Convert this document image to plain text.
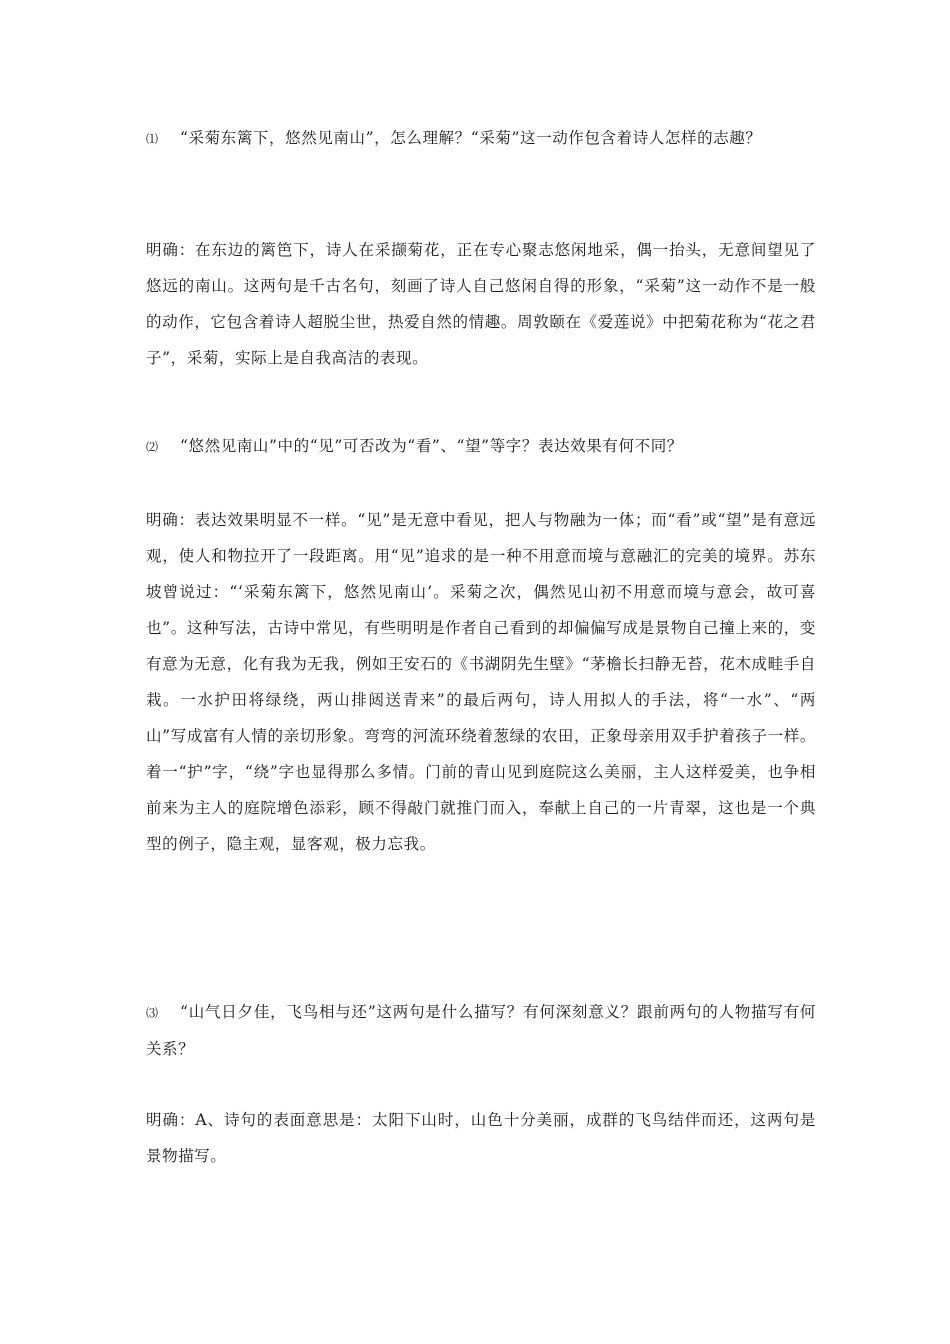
⑴ “采菊东篱下，悠然见南山”，怎么理解？“采菊”这一动作包含着诗人怎样的志趣？

明确：在东边的篱笆下，诗人在采撷菊花，正在专心聚志悠闲地采，偶一抬头，无意间望见了悠远的南山。这两句是千古名句，刻画了诗人自己悠闲自得的形象，“采菊”这一动作不是一般的动作，它包含着诗人超脱尘世，热爱自然的情趣。周敦颐在《爱莲说》中把菊花称为“花之君子”，采菊，实际上是自我高洁的表现。

⑵ “悠然见南山”中的“见”可否改为“看”、“望”等字？表达效果有何不同？

明确：表达效果明显不一样。“见”是无意中看见，把人与物融为一体；而“看”或“望”是有意远观，使人和物拉开了一段距离。用“见”追求的是一种不用意而境与意融汇的完美的境界。苏东坡曾说过：“‘采菊东篱下，悠然见南山’。采菊之次，偶然见山初不用意而境与意会，故可喜也”。这种写法，古诗中常见，有些明明是作者自己看到的却偏偏写成是景物自己撞上来的，变有意为无意，化有我为无我，例如王安石的《书湖阴先生壁》“茅檐长扫静无苔，花木成畦手自栽。一水护田将绿绕，两山排闼送青来”的最后两句，诗人用拟人的手法，将“一水”、“两山”写成富有人情的亲切形象。弯弯的河流环绕着葱绿的农田，正象母亲用双手护着孩子一样。着一“护”字，“绕”字也显得那么多情。门前的青山见到庭院这么美丽，主人这样爱美，也争相前来为主人的庭院增色添彩，顾不得敲门就推门而入，奉献上自己的一片青翠，这也是一个典型的例子，隐主观，显客观，极力忘我。

⑶ “山气日夕佳，飞鸟相与还”这两句是什么描写？有何深刻意义？跟前两句的人物描写有何关系？

明确：A、诗句的表面意思是：太阳下山时，山色十分美丽，成群的飞鸟结伴而还，这两句是景物描写。
